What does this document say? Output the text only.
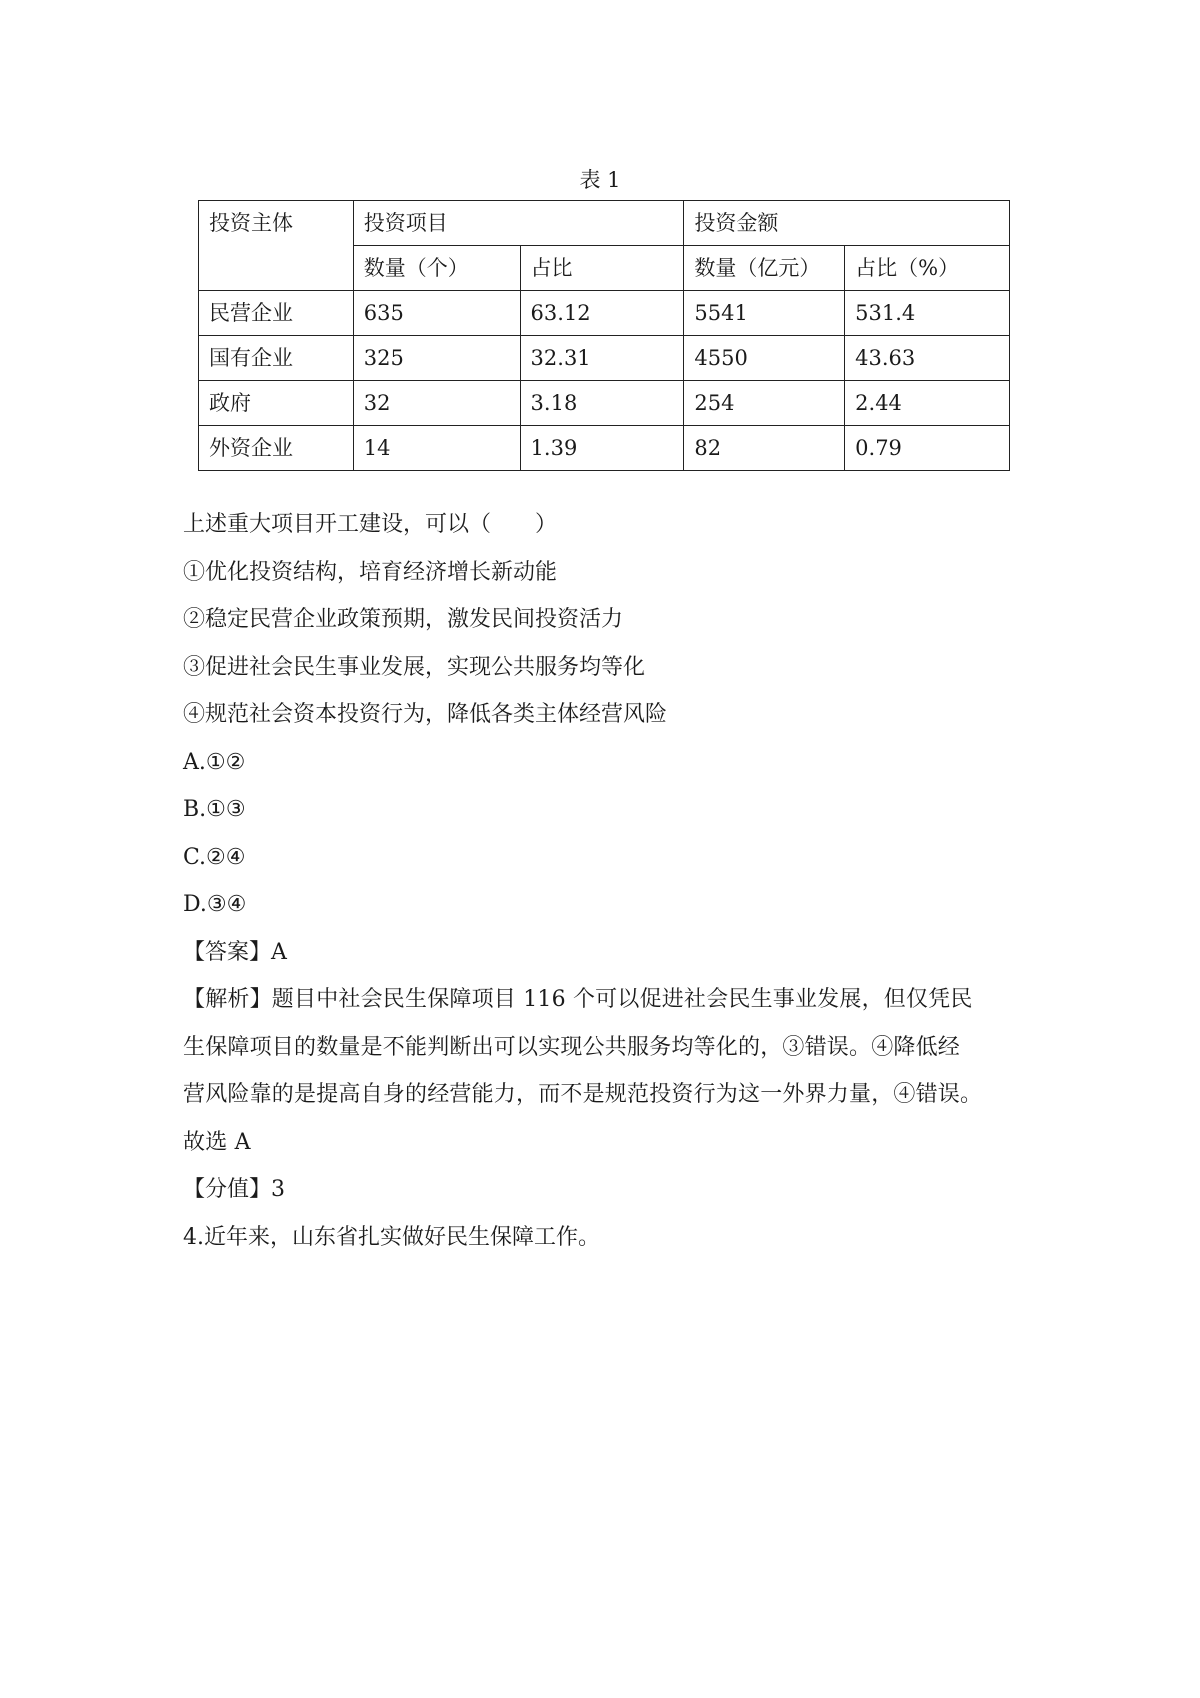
表 1
投资主体	投资项目		投资金额	
	数量（个）	占比	数量（亿元）	占比（%）
民营企业	635	63.12	5541	531.4
国有企业	325	32.31	4550	43.63
政府	32	3.18	254	2.44
外资企业	14	1.39	82	0.79
上述重大项目开工建设，可以（　　）
①优化投资结构，培育经济增长新动能
②稳定民营企业政策预期，激发民间投资活力
③促进社会民生事业发展，实现公共服务均等化
④规范社会资本投资行为，降低各类主体经营风险
A.①②
B.①③
C.②④
D.③④
【答案】A
【解析】题目中社会民生保障项目 116 个可以促进社会民生事业发展，但仅凭民
生保障项目的数量是不能判断出可以实现公共服务均等化的，③错误。④降低经
营风险靠的是提高自身的经营能力，而不是规范投资行为这一外界力量，④错误。
故选 A
【分值】3
4.近年来，山东省扎实做好民生保障工作。
